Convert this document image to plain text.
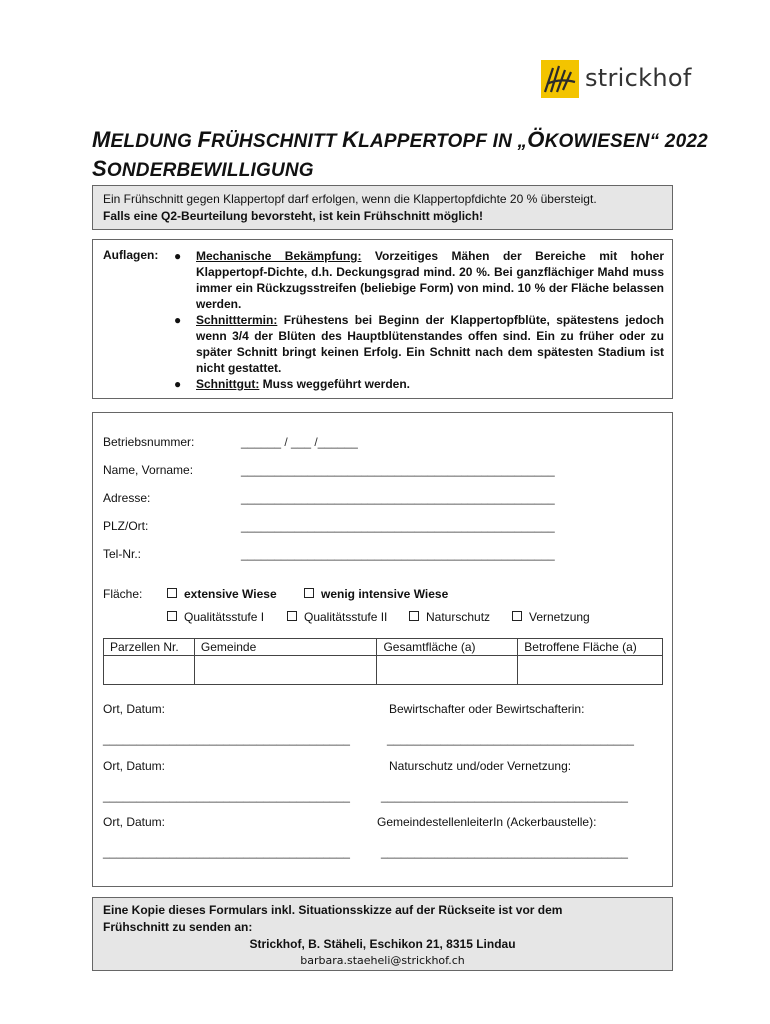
strickhof
MELDUNG FRÜHSCHNITT KLAPPERTOPF IN „ÖKOWIESEN“ 2022
SONDERBEWILLIGUNG
Ein Frühschnitt gegen Klappertopf darf erfolgen, wenn die Klappertopfdichte 20 % übersteigt.
Falls eine Q2-Beurteilung bevorsteht, ist kein Frühschnitt möglich!
Auflagen: ● Mechanische Bekämpfung: Vorzeitiges Mähen der Bereiche mit hoher Klappertopf-Dichte, d.h. Deckungsgrad mind. 20 %. Bei ganzflächiger Mahd muss immer ein Rückzugsstreifen (beliebige Form) von mind. 10 % der Fläche belassen werden.
● Schnitttermin: Frühestens bei Beginn der Klappertopfblüte, spätestens jedoch wenn 3/4 der Blüten des Hauptblütenstandes offen sind. Ein zu früher oder zu später Schnitt bringt keinen Erfolg. Ein Schnitt nach dem spätesten Stadium ist nicht gestattet.
● Schnittgut: Muss weggeführt werden.
Betriebsnummer:	______ / ___ /______
Name, Vorname:	_______________________________________________
Adresse:	_______________________________________________
PLZ/Ort:	_______________________________________________
Tel-Nr.:	_______________________________________________
Fläche:	extensive Wiese	wenig intensive Wiese
Qualitätsstufe I	Qualitätsstufe II	Naturschutz	Vernetzung
Parzellen Nr.	Gemeinde	Gesamtfläche (a)	Betroffene Fläche (a)

Ort, Datum:	Bewirtschafter oder Bewirtschafterin:
_____________________________________	_____________________________________
Ort, Datum:	Naturschutz und/oder Vernetzung:
_____________________________________	_____________________________________
Ort, Datum:	GemeindestellenleiterIn (Ackerbaustelle):
_____________________________________	_____________________________________
Eine Kopie dieses Formulars inkl. Situationsskizze auf der Rückseite ist vor dem
Frühschnitt zu senden an:
Strickhof, B. Stäheli, Eschikon 21, 8315 Lindau
barbara.staeheli@strickhof.ch
